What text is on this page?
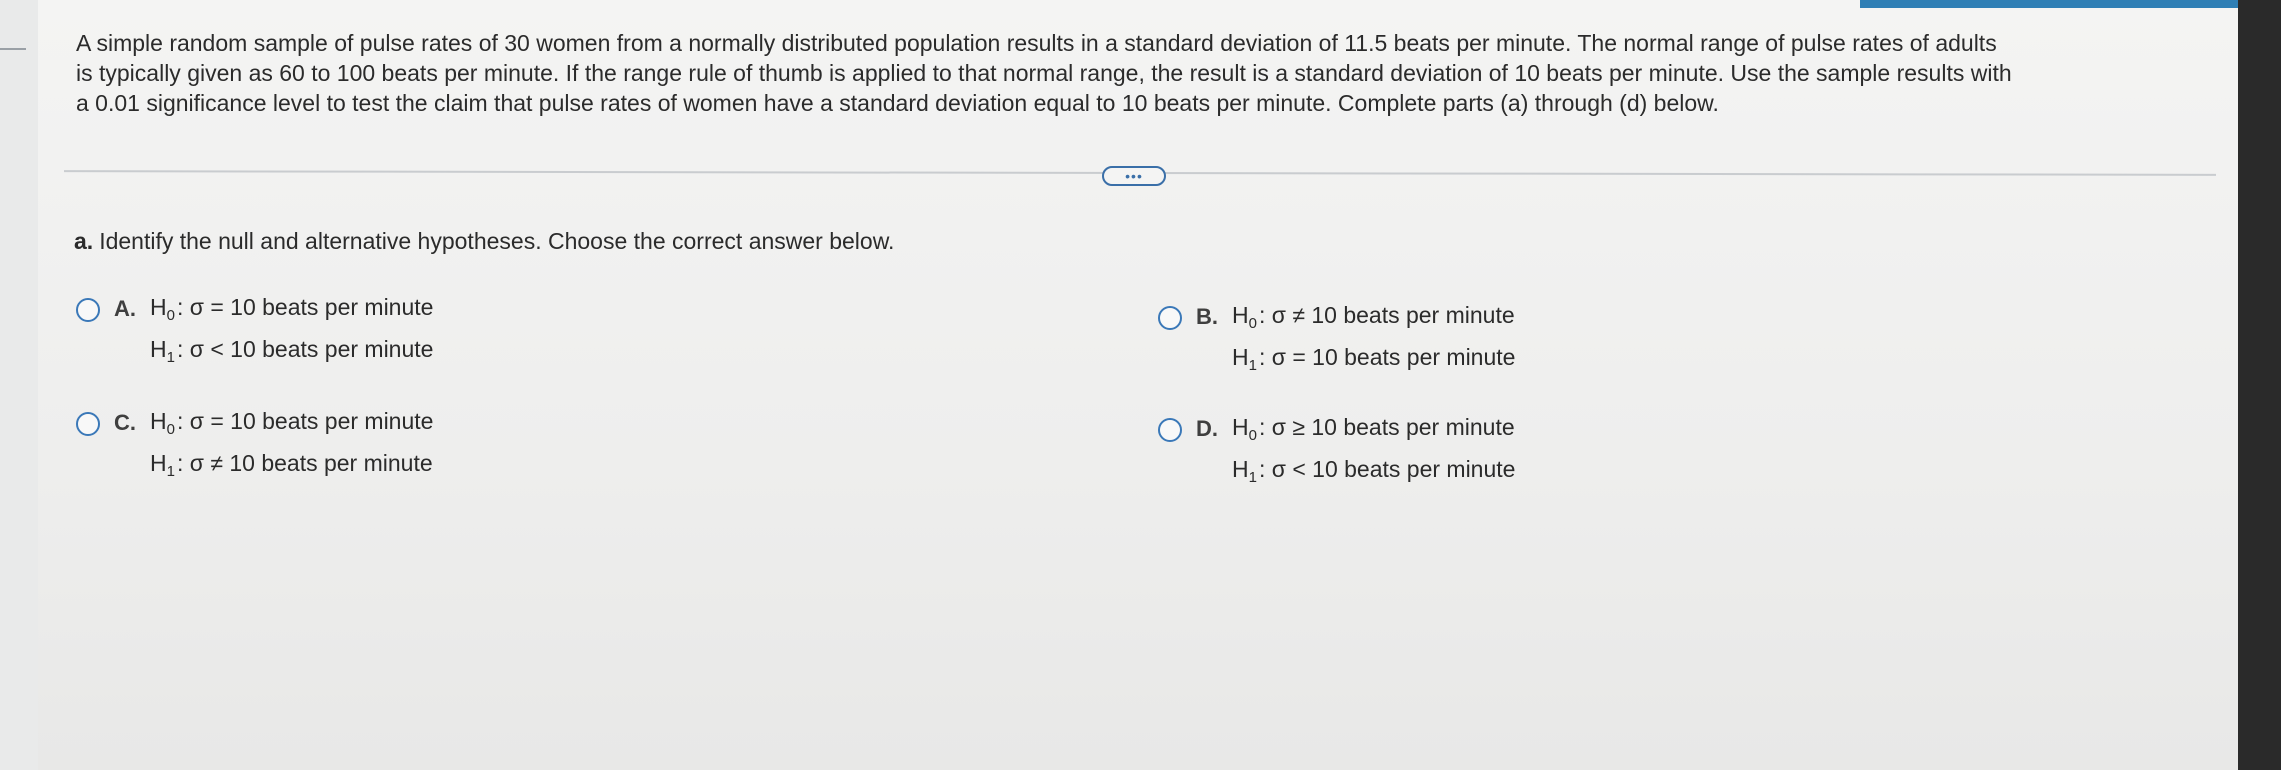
A simple random sample of pulse rates of 30 women from a normally distributed population results in a standard deviation of 11.5 beats per minute. The normal range of pulse rates of adults

is typically given as 60 to 100 beats per minute. If the range rule of thumb is applied to that normal range, the result is a standard deviation of 10 beats per minute. Use the sample results with

a 0.01 significance level to test the claim that pulse rates of women have a standard deviation equal to 10 beats per minute. Complete parts (a) through (d) below.

•••
a. Identify the null and alternative hypotheses. Choose the correct answer below.
A. $H_0$: σ = 10 beats per minute
$H_1$: σ < 10 beats per minute
B. $H_0$: σ ≠ 10 beats per minute
$H_1$: σ = 10 beats per minute
C. $H_0$: σ = 10 beats per minute
$H_1$: σ ≠ 10 beats per minute
D. $H_0$: σ ≥ 10 beats per minute
$H_1$: σ < 10 beats per minute
